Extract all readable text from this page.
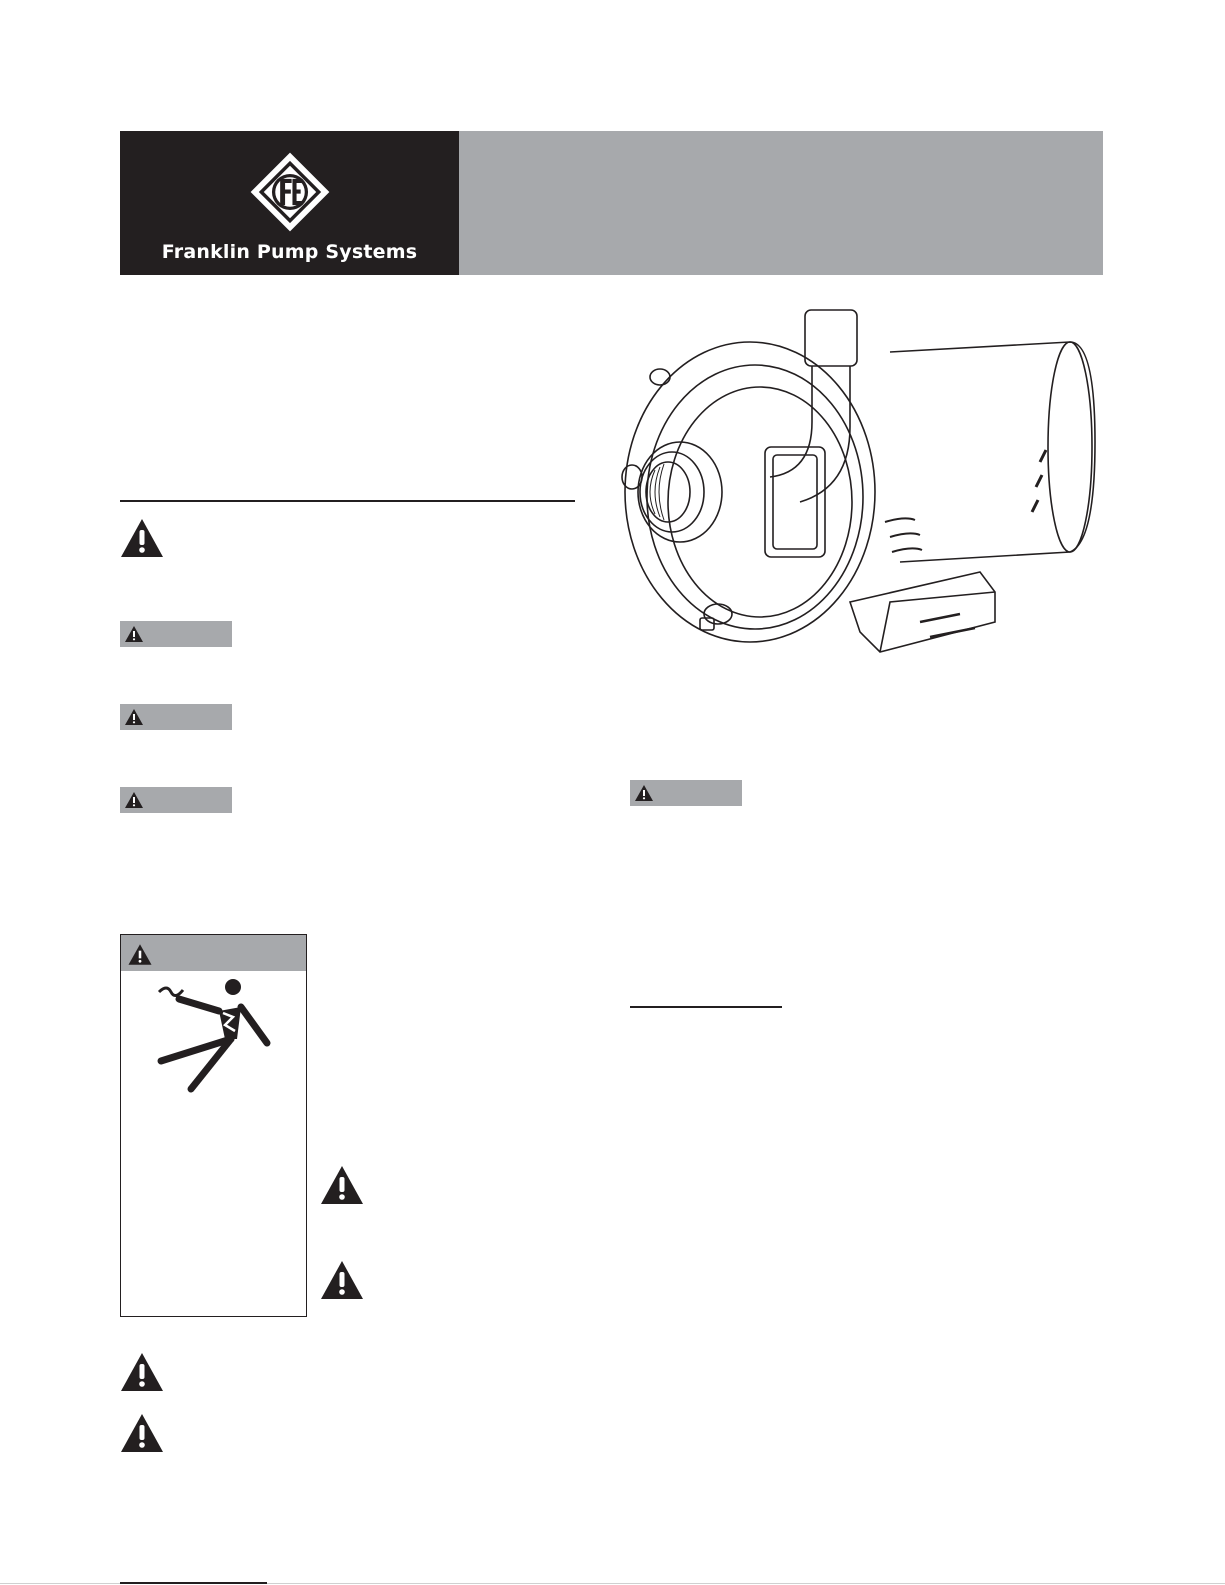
Franklin Pump Systems
